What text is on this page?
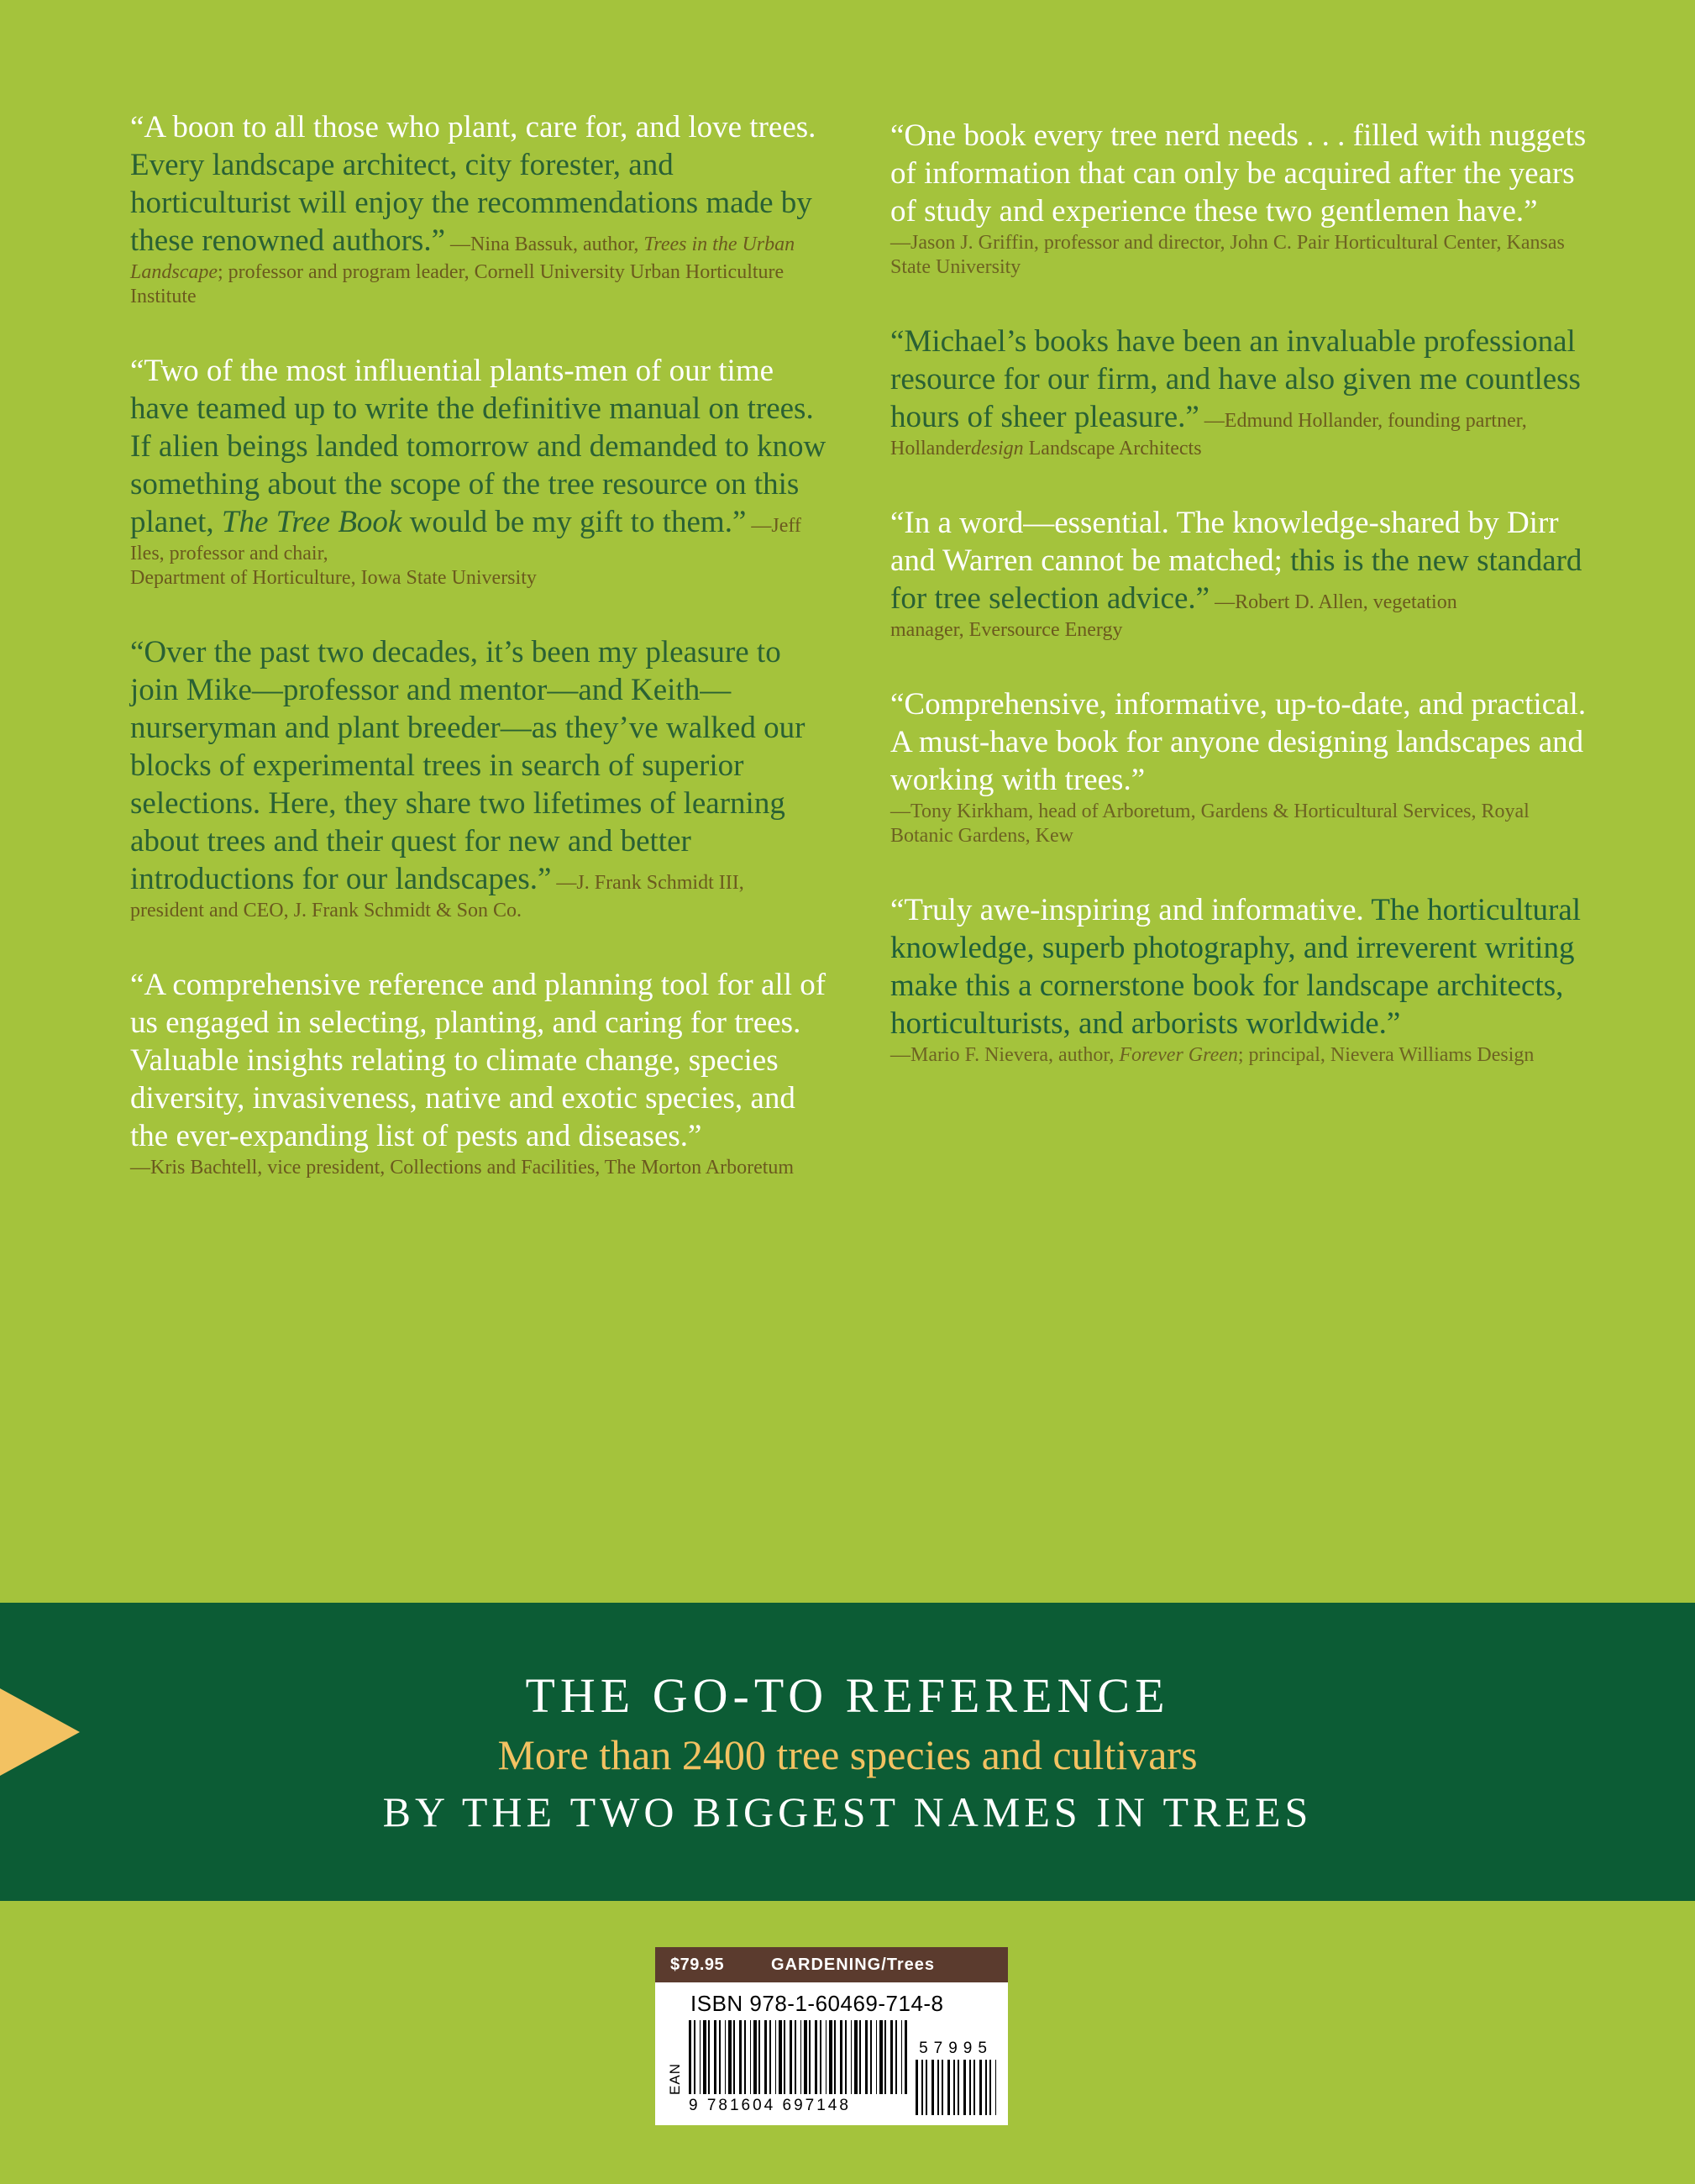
“A boon to all those who plant, care for, and love trees. Every landscape architect, city forester, and horticulturist will enjoy the recommendations made by these renowned authors.” —Nina Bassuk, author, Trees in the Urban Landscape; professor and program leader, Cornell University Urban Horticulture Institute

“Two of the most influential plants-men of our time have teamed up to write the definitive manual on trees. If alien beings landed tomorrow and demanded to know something about the scope of the tree resource on this planet, The Tree Book would be my gift to them.” —Jeff Iles, professor and chair,

Department of Horticulture, Iowa State University

“Over the past two decades, it’s been my pleasure to join Mike—professor and mentor—and Keith—nurseryman and plant breeder—as they’ve walked our blocks of experimental trees in search of superior selections. Here, they share two lifetimes of learning about trees and their quest for new and better introductions for our landscapes.” —J. Frank Schmidt III,

president and CEO, J. Frank Schmidt & Son Co.

“A comprehensive reference and planning tool for all of us engaged in selecting, planting, and caring for trees. Valuable insights relating to climate change, species diversity, invasiveness, native and exotic species, and the ever-expanding list of pests and diseases.”

—Kris Bachtell, vice president, Collections and Facilities, The Morton Arboretum

“One book every tree nerd needs . . . filled with nuggets of information that can only be acquired after the years of study and experience these two gentlemen have.”

—Jason J. Griffin, professor and director, John C. Pair Horticultural Center, Kansas State University

“Michael’s books have been an invaluable professional resource for our firm, and have also given me countless hours of sheer pleasure.” —Edmund Hollander, founding partner,

Hollanderdesign Landscape Architects

“In a word—essential. The knowledge-shared by Dirr and Warren cannot be matched; this is the new standard for tree selection advice.” —Robert D. Allen, vegetation

manager, Eversource Energy

“Comprehensive, informative, up-to-date, and practical. A must-have book for anyone designing landscapes and working with trees.”

—Tony Kirkham, head of Arboretum, Gardens & Horticultural Services, Royal Botanic Gardens, Kew

“Truly awe-inspiring and informative. The horticultural knowledge, superb photography, and irreverent writing make this a cornerstone book for landscape architects, horticulturists, and arborists worldwide.”

—Mario F. Nievera, author, Forever Green; principal, Nievera Williams Design

THE GO-TO REFERENCE
More than 2400 tree species and cultivars
BY THE TWO BIGGEST NAMES IN TREES
$79.95	GARDENING/Trees
ISBN 978-1-60469-714-8
EAN
9 781604 697148
57995
